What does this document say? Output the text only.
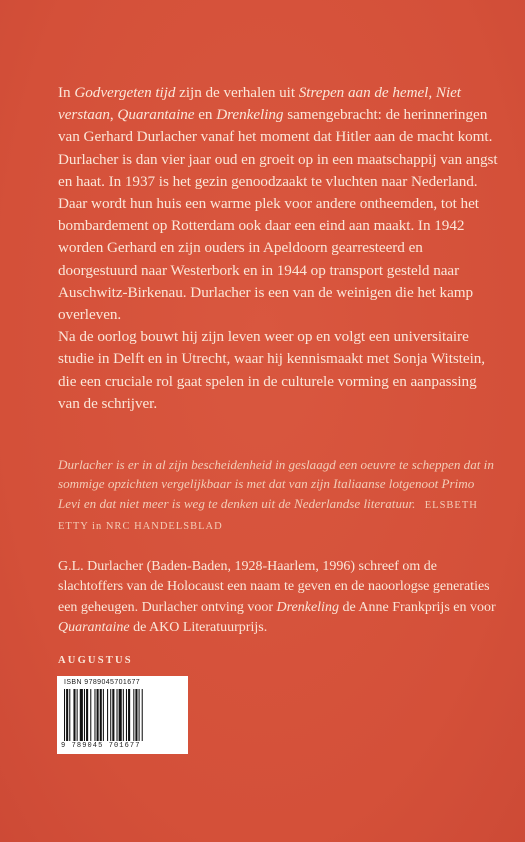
In Godvergeten tijd zijn de verhalen uit Strepen aan de hemel, Niet verstaan, Quarantaine en Drenkeling samengebracht: de herinneringen van Gerhard Durlacher vanaf het moment dat Hitler aan de macht komt. Durlacher is dan vier jaar oud en groeit op in een maatschappij van angst en haat. In 1937 is het gezin genoodzaakt te vluchten naar Nederland. Daar wordt hun huis een warme plek voor andere ontheemden, tot het bombardement op Rotterdam ook daar een eind aan maakt. In 1942 worden Gerhard en zijn ouders in Apeldoorn gearresteerd en doorgestuurd naar Westerbork en in 1944 op transport gesteld naar Auschwitz-Birkenau. Durlacher is een van de weinigen die het kamp overleven.

Na de oorlog bouwt hij zijn leven weer op en volgt een universitaire studie in Delft en in Utrecht, waar hij kennismaakt met Sonja Witstein, die een cruciale rol gaat spelen in de culturele vorming en aanpassing van de schrijver.

Durlacher is er in al zijn bescheidenheid in geslaagd een oeuvre te scheppen dat in sommige opzichten vergelijkbaar is met dat van zijn Italiaanse lotgenoot Primo Levi en dat niet meer is weg te denken uit de Nederlandse literatuur. ELSBETH ETTY in NRC HANDELSBLAD

G.L. Durlacher (Baden-Baden, 1928-Haarlem, 1996) schreef om de slachtoffers van de Holocaust een naam te geven en de naoorlogse generaties een geheugen. Durlacher ontving voor Drenkeling de Anne Frankprijs en voor Quarantaine de AKO Literatuurprijs.

AUGUSTUS
ISBN 9789045701677
9 789045 701677
